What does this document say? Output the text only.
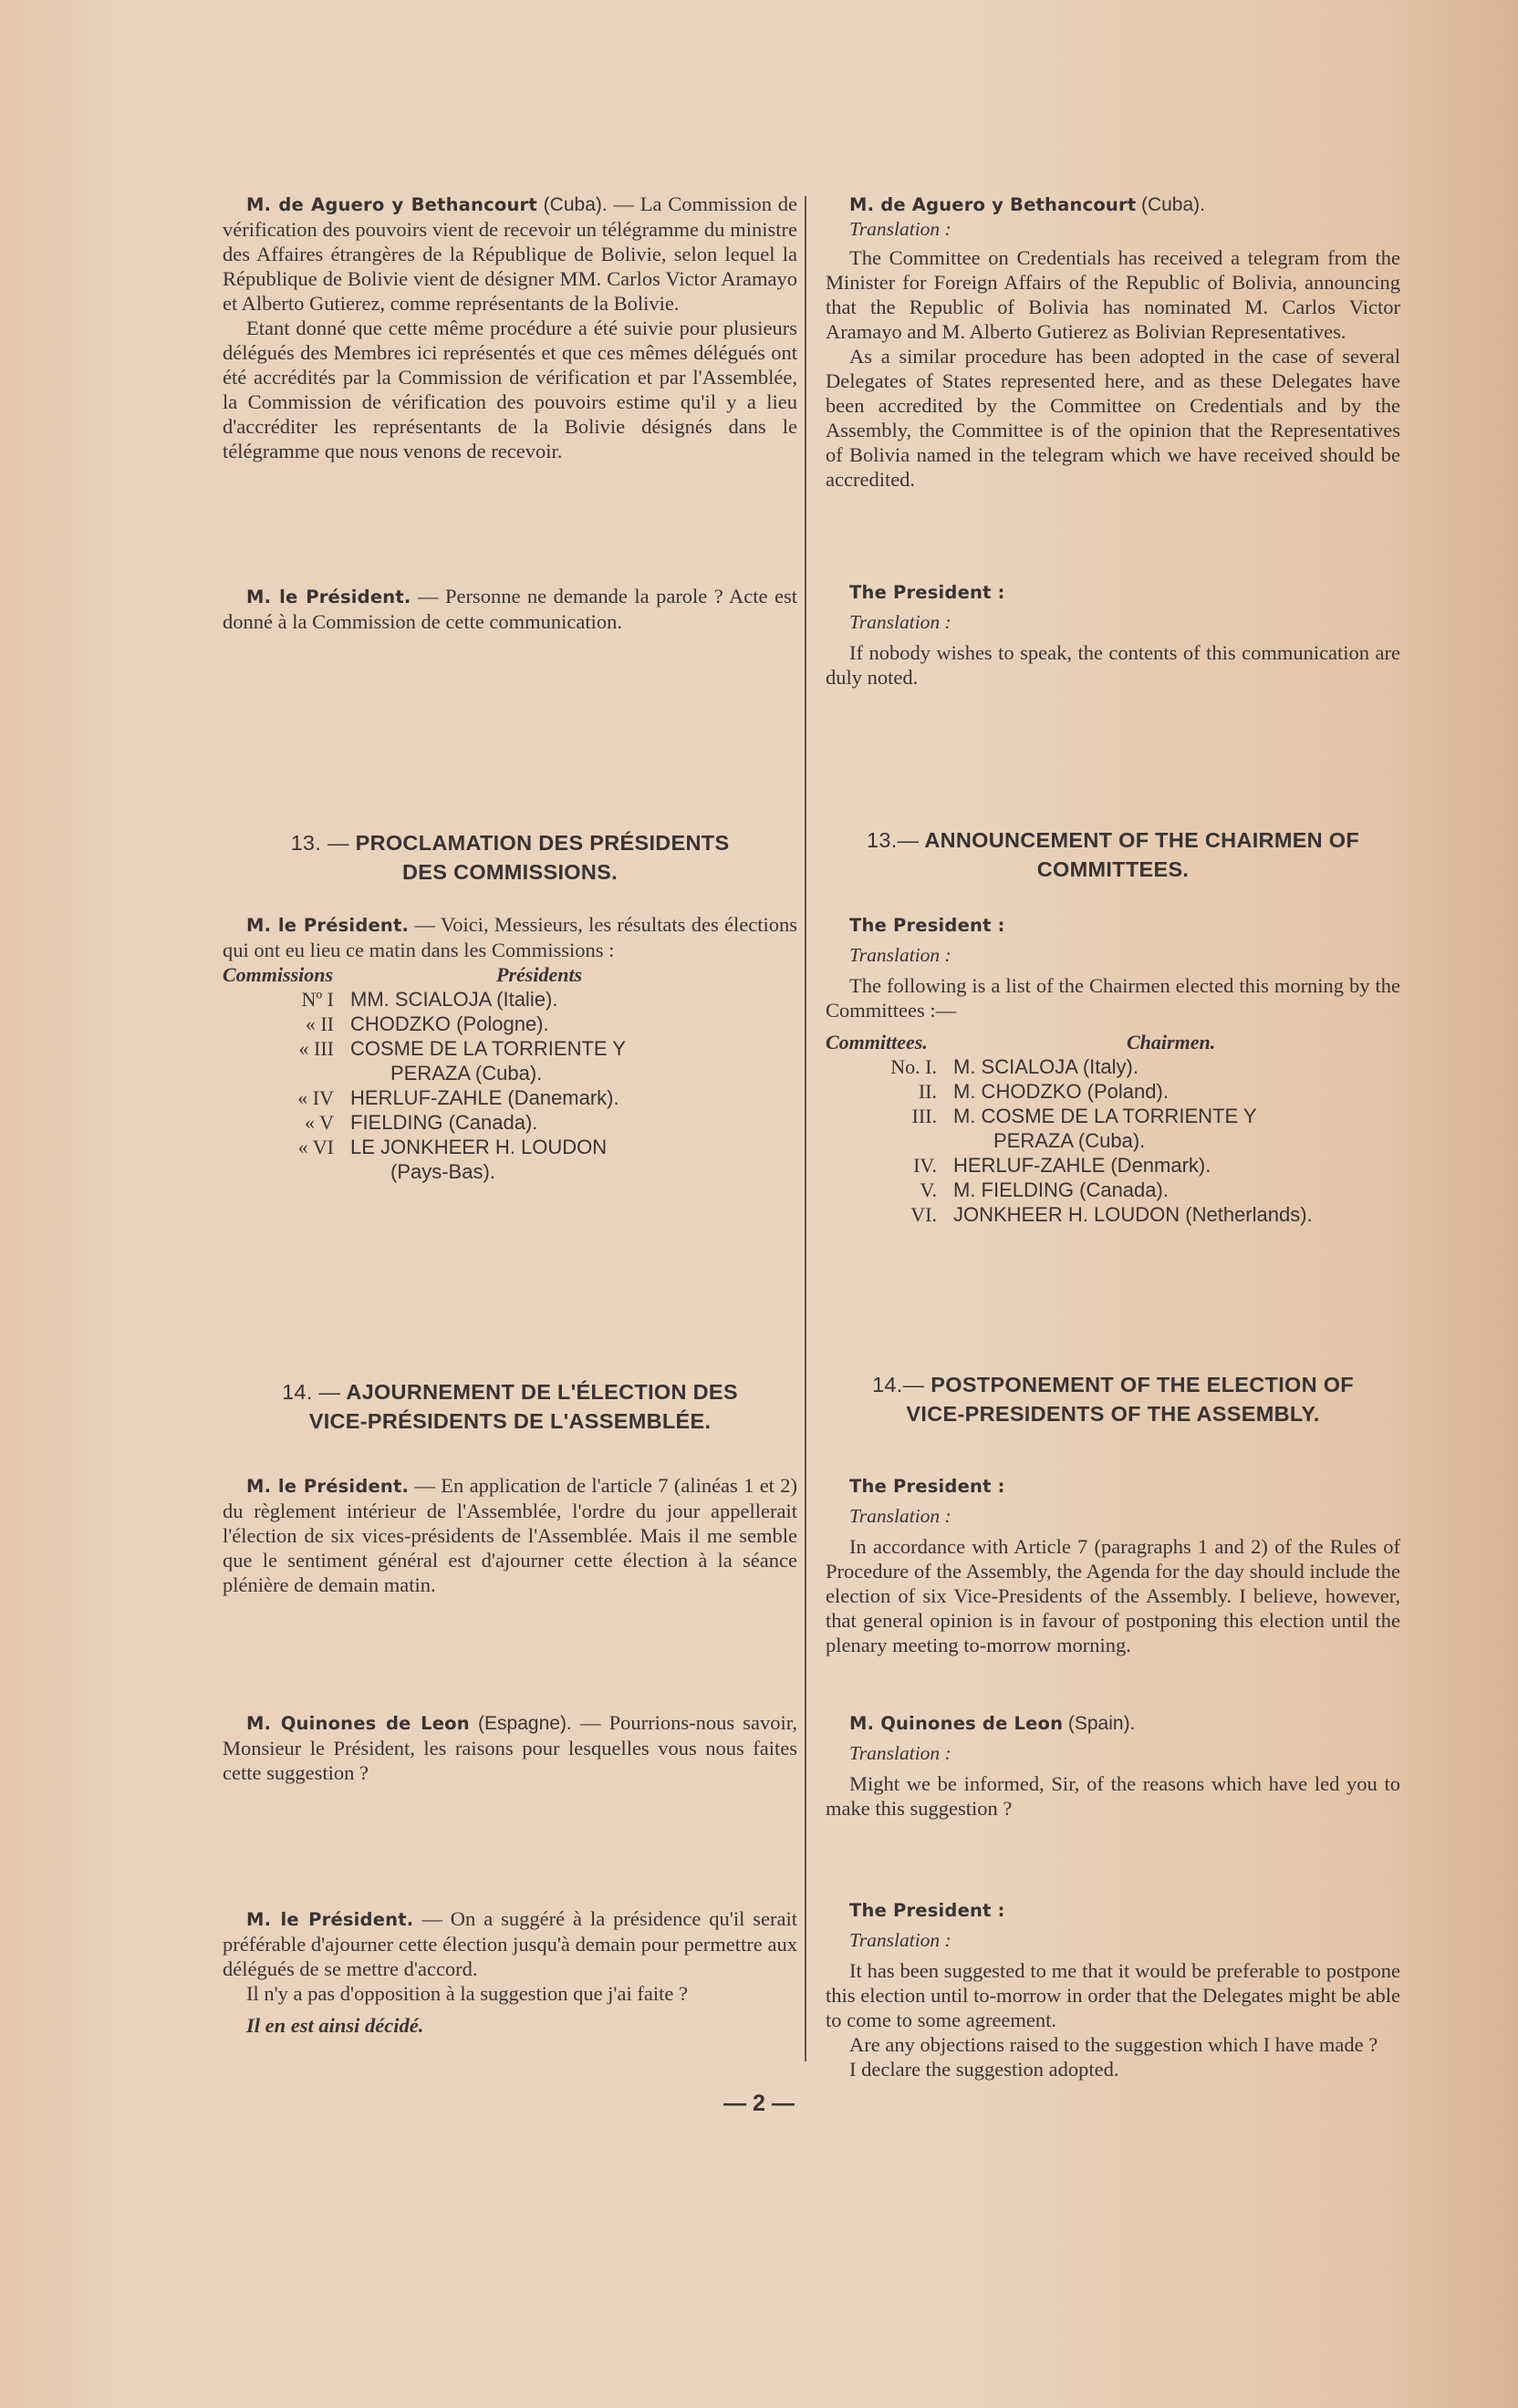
M. de Aguero y Bethancourt (Cuba). — La Commission de vérification des pouvoirs vient de recevoir un télégramme du ministre des Affaires étrangères de la République de Bolivie, selon lequel la République de Bolivie vient de désigner MM. Carlos Victor Aramayo et Alberto Gutierez, comme représentants de la Bolivie.

Etant donné que cette même procédure a été suivie pour plusieurs délégués des Membres ici représentés et que ces mêmes délégués ont été accrédités par la Commission de vérification et par l'Assemblée, la Commission de vérification des pouvoirs estime qu'il y a lieu d'accréditer les représentants de la Bolivie désignés dans le télégramme que nous venons de recevoir.

M. le Président. — Personne ne demande la parole ? Acte est donné à la Commission de cette communication.

13. — PROCLAMATION DES PRÉSIDENTS

DES COMMISSIONS.

M. le Président. — Voici, Messieurs, les résultats des élections qui ont eu lieu ce matin dans les Commissions :

Commissions	Présidents
Nº I MM. SCIALOJA (Italie).
« II CHODZKO (Pologne).
« III COSME DE LA TORRIENTE Y
PERAZA (Cuba).
« IV HERLUF-ZAHLE (Danemark).
« V FIELDING (Canada).
« VI LE JONKHEER H. LOUDON
(Pays-Bas).

14. — AJOURNEMENT DE L'ÉLECTION DES

VICE-PRÉSIDENTS DE L'ASSEMBLÉE.

M. le Président. — En application de l'article 7 (alinéas 1 et 2) du règlement intérieur de l'Assemblée, l'ordre du jour appellerait l'élection de six vices-présidents de l'Assemblée. Mais il me semble que le sentiment général est d'ajourner cette élection à la séance plénière de demain matin.

M. Quinones de Leon (Espagne). — Pourrions-nous savoir, Monsieur le Président, les raisons pour lesquelles vous nous faites cette suggestion ?

M. le Président. — On a suggéré à la présidence qu'il serait préférable d'ajourner cette élection jusqu'à demain pour permettre aux délégués de se mettre d'accord.

Il n'y a pas d'opposition à la suggestion que j'ai faite ?

Il en est ainsi décidé.

M. de Aguero y Bethancourt (Cuba).

Translation :

The Committee on Credentials has received a telegram from the Minister for Foreign Affairs of the Republic of Bolivia, announcing that the Republic of Bolivia has nominated M. Carlos Victor Aramayo and M. Alberto Gutierez as Bolivian Representatives.

As a similar procedure has been adopted in the case of several Delegates of States represented here, and as these Delegates have been accredited by the Committee on Credentials and by the Assembly, the Committee is of the opinion that the Representatives of Bolivia named in the telegram which we have received should be accredited.

The President :

Translation :

If nobody wishes to speak, the contents of this communication are duly noted.

13.— ANNOUNCEMENT OF THE CHAIRMEN OF

COMMITTEES.

The President :

Translation :

The following is a list of the Chairmen elected this morning by the Committees :—

Committees.	Chairmen.
No. I. M. SCIALOJA (Italy).
II. M. CHODZKO (Poland).
III. M. COSME DE LA TORRIENTE Y
PERAZA (Cuba).
IV. HERLUF-ZAHLE (Denmark).
V. M. FIELDING (Canada).
VI. JONKHEER H. LOUDON (Netherlands).

14.— POSTPONEMENT OF THE ELECTION OF

VICE-PRESIDENTS OF THE ASSEMBLY.

The President :

Translation :

In accordance with Article 7 (paragraphs 1 and 2) of the Rules of Procedure of the Assembly, the Agenda for the day should include the election of six Vice-Presidents of the Assembly. I believe, however, that general opinion is in favour of postponing this election until the plenary meeting to-morrow morning.

M. Quinones de Leon (Spain).

Translation :

Might we be informed, Sir, of the reasons which have led you to make this suggestion ?

The President :

Translation :

It has been suggested to me that it would be preferable to postpone this election until to-morrow in order that the Delegates might be able to come to some agreement.

Are any objections raised to the suggestion which I have made ?

I declare the suggestion adopted.

— 2 —
